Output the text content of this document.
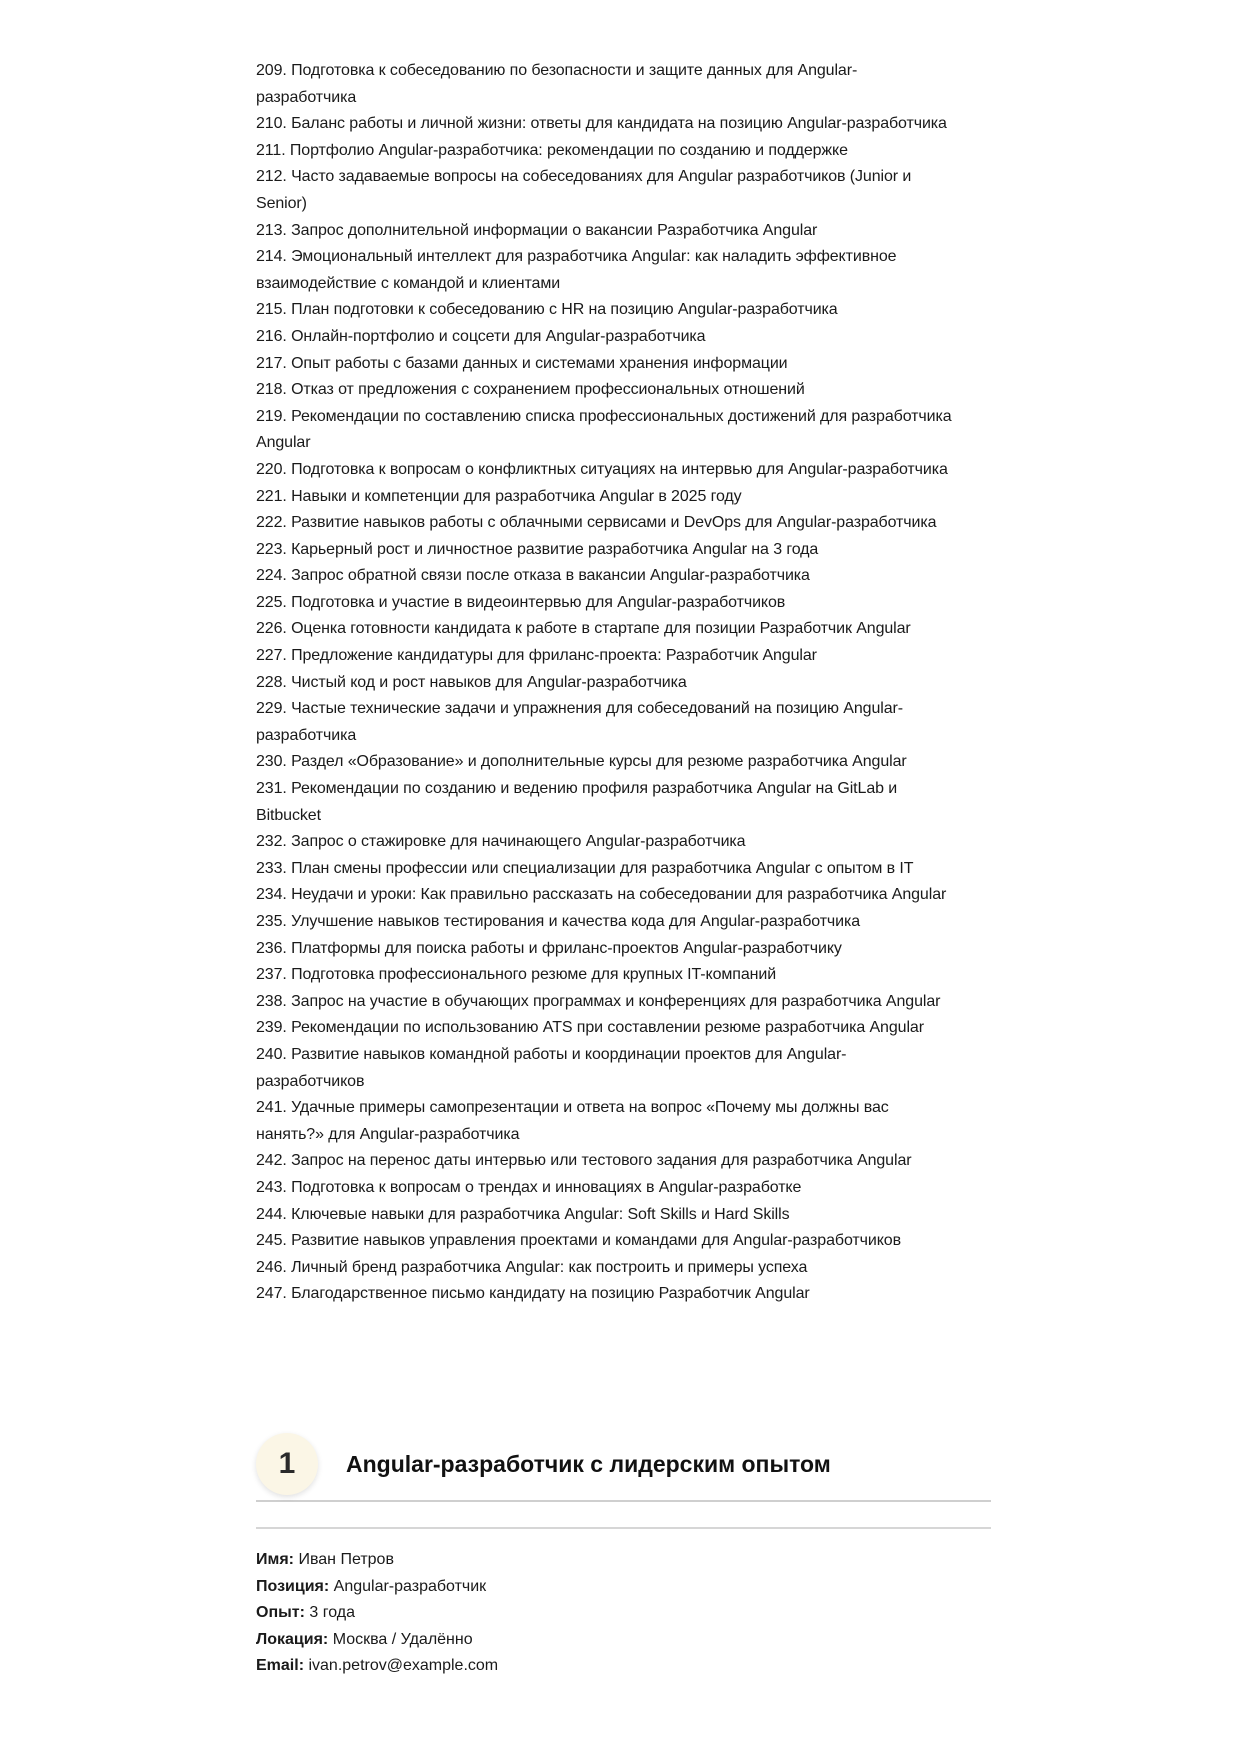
209. Подготовка к собеседованию по безопасности и защите данных для Angular-
разработчика
210. Баланс работы и личной жизни: ответы для кандидата на позицию Angular-разработчика
211. Портфолио Angular-разработчика: рекомендации по созданию и поддержке
212. Часто задаваемые вопросы на собеседованиях для Angular разработчиков (Junior и
Senior)
213. Запрос дополнительной информации о вакансии Разработчика Angular
214. Эмоциональный интеллект для разработчика Angular: как наладить эффективное
взаимодействие с командой и клиентами
215. План подготовки к собеседованию с HR на позицию Angular-разработчика
216. Онлайн-портфолио и соцсети для Angular-разработчика
217. Опыт работы с базами данных и системами хранения информации
218. Отказ от предложения с сохранением профессиональных отношений
219. Рекомендации по составлению списка профессиональных достижений для разработчика
Angular
220. Подготовка к вопросам о конфликтных ситуациях на интервью для Angular-разработчика
221. Навыки и компетенции для разработчика Angular в 2025 году
222. Развитие навыков работы с облачными сервисами и DevOps для Angular-разработчика
223. Карьерный рост и личностное развитие разработчика Angular на 3 года
224. Запрос обратной связи после отказа в вакансии Angular-разработчика
225. Подготовка и участие в видеоинтервью для Angular-разработчиков
226. Оценка готовности кандидата к работе в стартапе для позиции Разработчик Angular
227. Предложение кандидатуры для фриланс-проекта: Разработчик Angular
228. Чистый код и рост навыков для Angular-разработчика
229. Частые технические задачи и упражнения для собеседований на позицию Angular-
разработчика
230. Раздел «Образование» и дополнительные курсы для резюме разработчика Angular
231. Рекомендации по созданию и ведению профиля разработчика Angular на GitLab и
Bitbucket
232. Запрос о стажировке для начинающего Angular-разработчика
233. План смены профессии или специализации для разработчика Angular с опытом в IT
234. Неудачи и уроки: Как правильно рассказать на собеседовании для разработчика Angular
235. Улучшение навыков тестирования и качества кода для Angular-разработчика
236. Платформы для поиска работы и фриланс-проектов Angular-разработчику
237. Подготовка профессионального резюме для крупных IT-компаний
238. Запрос на участие в обучающих программах и конференциях для разработчика Angular
239. Рекомендации по использованию ATS при составлении резюме разработчика Angular
240. Развитие навыков командной работы и координации проектов для Angular-
разработчиков
241. Удачные примеры самопрезентации и ответа на вопрос «Почему мы должны вас
нанять?» для Angular-разработчика
242. Запрос на перенос даты интервью или тестового задания для разработчика Angular
243. Подготовка к вопросам о трендах и инновациях в Angular-разработке
244. Ключевые навыки для разработчика Angular: Soft Skills и Hard Skills
245. Развитие навыков управления проектами и командами для Angular-разработчиков
246. Личный бренд разработчика Angular: как построить и примеры успеха
247. Благодарственное письмо кандидату на позицию Разработчик Angular
1	Angular-разработчик с лидерским опытом

Имя: Иван Петров

Позиция: Angular-разработчик

Опыт: 3 года

Локация: Москва / Удалённо

Email: ivan.petrov@example.com
